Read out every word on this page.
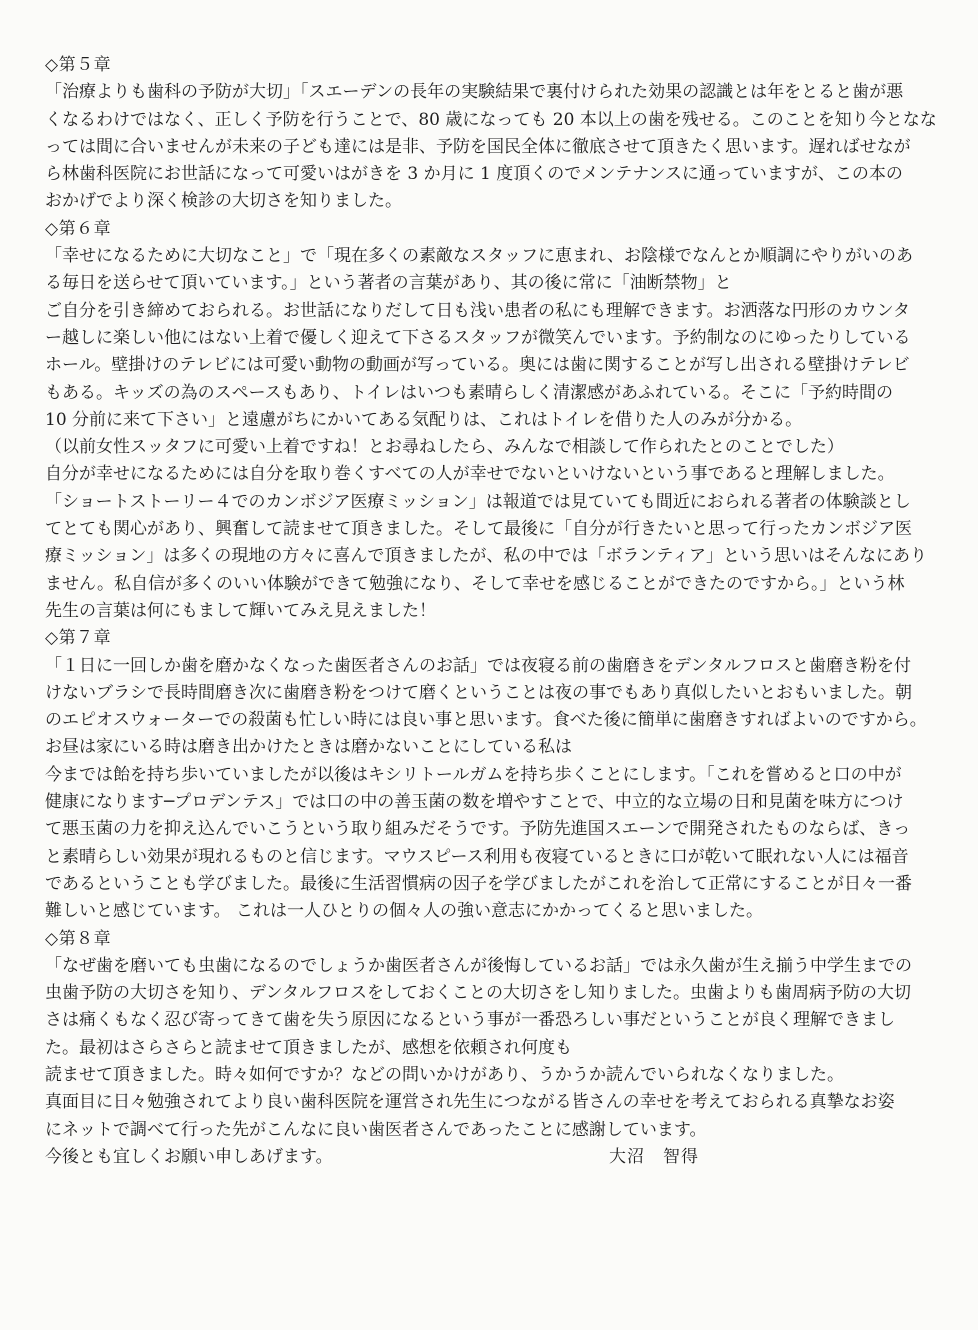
◇第５章
「治療よりも歯科の予防が大切」「スエーデンの長年の実験結果で裏付けられた効果の認識とは年をとると歯が悪
くなるわけではなく、正しく予防を行うことで、80 歳になっても 20 本以上の歯を残せる。このことを知り今となな
っては間に合いませんが未来の子ども達には是非、予防を国民全体に徹底させて頂きたく思います。遅ればせなが
ら林歯科医院にお世話になって可愛いはがきを 3 か月に 1 度頂くのでメンテナンスに通っていますが、この本の
おかげでより深く検診の大切さを知りました。
◇第６章
「幸せになるために大切なこと」で「現在多くの素敵なスタッフに恵まれ、お陰様でなんとか順調にやりがいのあ
る毎日を送らせて頂いています。」という著者の言葉があり、其の後に常に「油断禁物」と
ご自分を引き締めておられる。お世話になりだして日も浅い患者の私にも理解できます。お洒落な円形のカウンタ
ー越しに楽しい他にはない上着で優しく迎えて下さるスタッフが微笑んでいます。予約制なのにゆったりしている
ホール。壁掛けのテレビには可愛い動物の動画が写っている。奥には歯に関することが写し出される壁掛けテレビ
もある。キッズの為のスペースもあり、トイレはいつも素晴らしく清潔感があふれている。そこに「予約時間の
10 分前に来て下さい」と遠慮がちにかいてある気配りは、これはトイレを借りた人のみが分かる。
（以前女性スッタフに可愛い上着ですね！とお尋ねしたら、みんなで相談して作られたとのことでした）
自分が幸せになるためには自分を取り巻くすべての人が幸せでないといけないという事であると理解しました。
「ショートストーリー４でのカンボジア医療ミッション」は報道では見ていても間近におられる著者の体験談とし
てとても関心があり、興奮して読ませて頂きました。そして最後に「自分が行きたいと思って行ったカンボジア医
療ミッション」は多くの現地の方々に喜んで頂きましたが、私の中では「ボランティア」という思いはそんなにあり
ません。私自信が多くのいい体験ができて勉強になり、そして幸せを感じることができたのですから。」という林
先生の言葉は何にもまして輝いてみえ見えました！
◇第７章
「１日に一回しか歯を磨かなくなった歯医者さんのお話」では夜寝る前の歯磨きをデンタルフロスと歯磨き粉を付
けないブラシで長時間磨き次に歯磨き粉をつけて磨くということは夜の事でもあり真似したいとおもいました。朝
のエピオスウォーターでの殺菌も忙しい時には良い事と思います。食べた後に簡単に歯磨きすればよいのですから。
お昼は家にいる時は磨き出かけたときは磨かないことにしている私は
今までは飴を持ち歩いていましたが以後はキシリトールガムを持ち歩くことにします。「これを嘗めると口の中が
健康になります─プロデンテス」では口の中の善玉菌の数を増やすことで、中立的な立場の日和見菌を味方につけ
て悪玉菌の力を抑え込んでいこうという取り組みだそうです。予防先進国スエーンで開発されたものならば、きっ
と素晴らしい効果が現れるものと信じます。マウスピース利用も夜寝ているときに口が乾いて眠れない人には福音
であるということも学びました。最後に生活習慣病の因子を学びましたがこれを治して正常にすることが日々一番
難しいと感じています。 これは一人ひとりの個々人の強い意志にかかってくると思いました。
◇第８章
「なぜ歯を磨いても虫歯になるのでしょうか歯医者さんが後悔しているお話」では永久歯が生え揃う中学生までの
虫歯予防の大切さを知り、デンタルフロスをしておくことの大切さをし知りました。虫歯よりも歯周病予防の大切
さは痛くもなく忍び寄ってきて歯を失う原因になるという事が一番恐ろしい事だということが良く理解できまし
た。最初はさらさらと読ませて頂きましたが、感想を依頼され何度も
読ませて頂きました。時々如何ですか？などの問いかけがあり、うかうか読んでいられなくなりました。
真面目に日々勉強されてより良い歯科医院を運営され先生につながる皆さんの幸せを考えておられる真摯なお姿
にネットで調べて行った先がこんなに良い歯医者さんであったことに感謝しています。
今後とも宜しくお願い申しあげます。	大沼　智得
